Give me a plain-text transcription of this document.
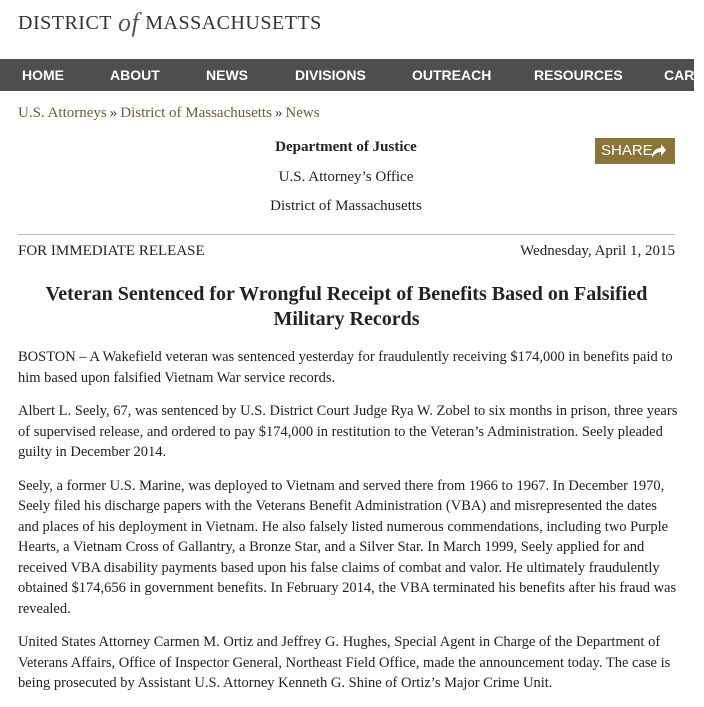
DISTRICT of MASSACHUSETTS
HOME	ABOUT	NEWS	DIVISIONS	OUTREACH	RESOURCES	CARE
U.S. Attorneys » District of Massachusetts » News
Department of Justice
U.S. Attorney’s Office
District of Massachusetts
SHARE
FOR IMMEDIATE RELEASE	Wednesday, April 1, 2015
Veteran Sentenced for Wrongful Receipt of Benefits Based on Falsified Military Records

BOSTON – A Wakefield veteran was sentenced yesterday for fraudulently receiving $174,000 in benefits paid to him based upon falsified Vietnam War service records.

Albert L. Seely, 67, was sentenced by U.S. District Court Judge Rya W. Zobel to six months in prison, three years of supervised release, and ordered to pay $174,000 in restitution to the Veteran’s Administration. Seely pleaded guilty in December 2014.

Seely, a former U.S. Marine, was deployed to Vietnam and served there from 1966 to 1967. In December 1970, Seely filed his discharge papers with the Veterans Benefit Administration (VBA) and misrepresented the dates and places of his deployment in Vietnam. He also falsely listed numerous commendations, including two Purple Hearts, a Vietnam Cross of Gallantry, a Bronze Star, and a Silver Star. In March 1999, Seely applied for and received VBA disability payments based upon his false claims of combat and valor. He ultimately fraudulently obtained $174,656 in government benefits. In February 2014, the VBA terminated his benefits after his fraud was revealed.

United States Attorney Carmen M. Ortiz and Jeffrey G. Hughes, Special Agent in Charge of the Department of Veterans Affairs, Office of Inspector General, Northeast Field Office, made the announcement today. The case is being prosecuted by Assistant U.S. Attorney Kenneth G. Shine of Ortiz’s Major Crime Unit.
